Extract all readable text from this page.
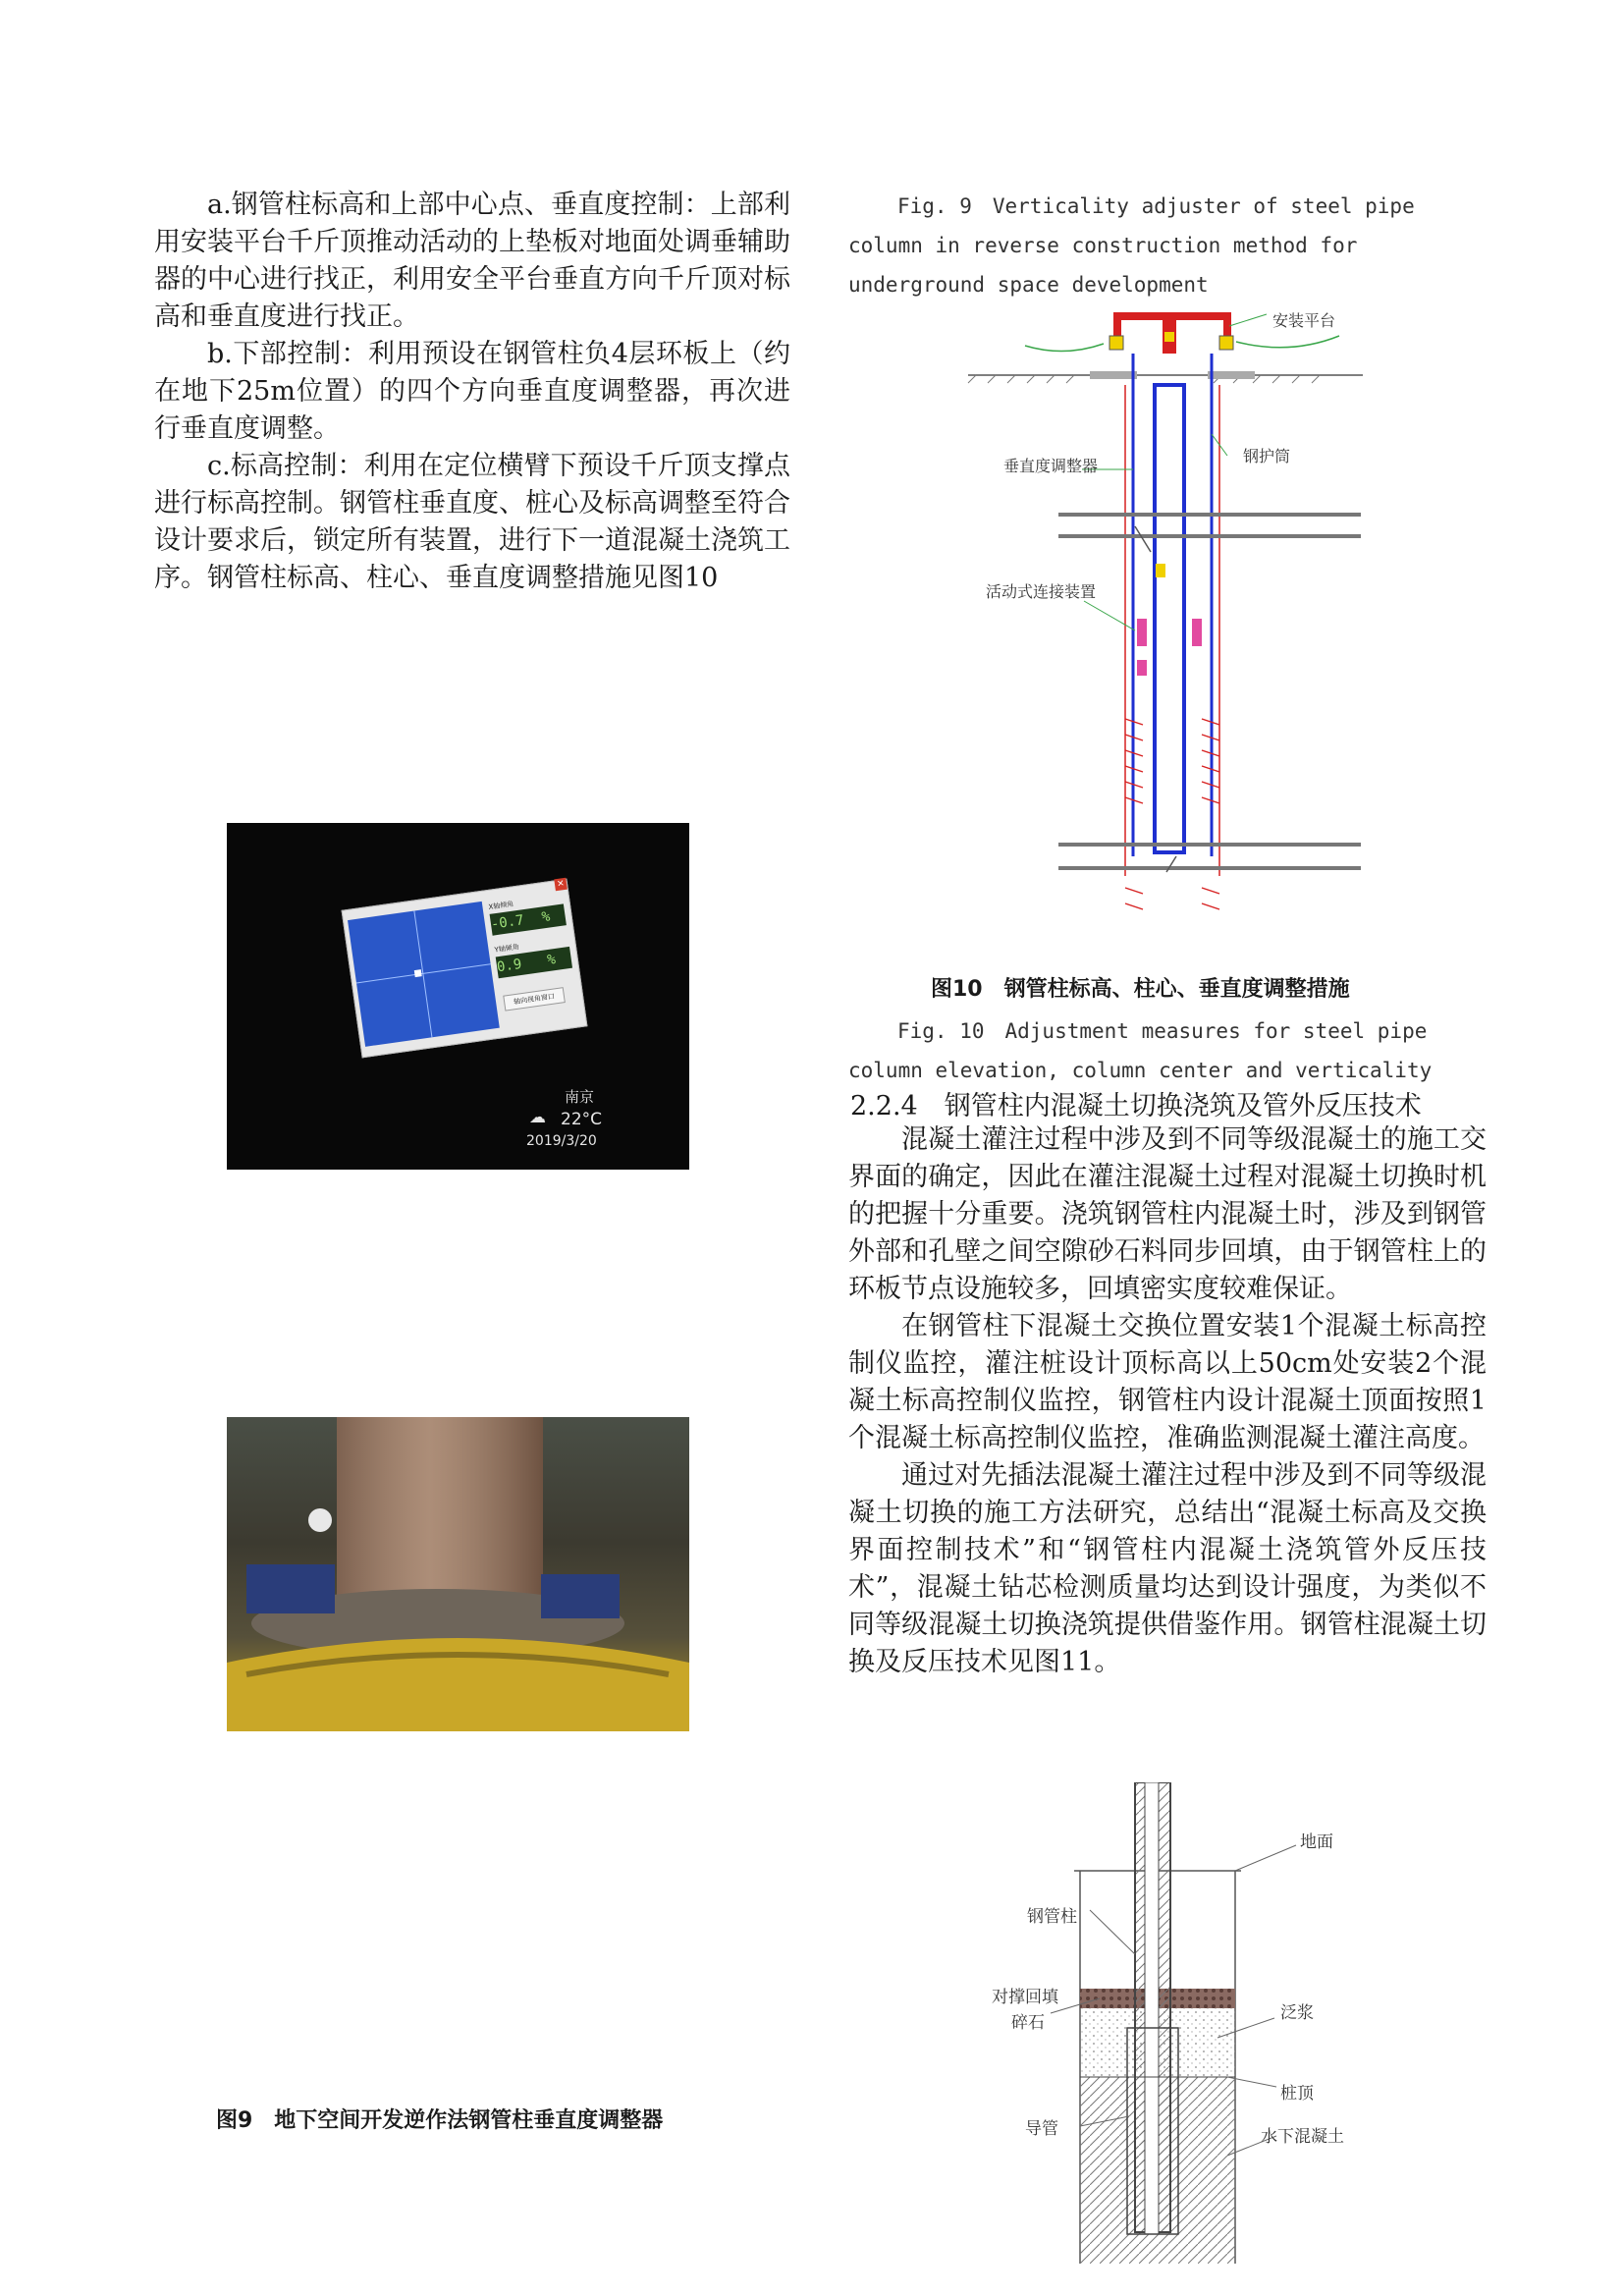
a.钢管柱标高和上部中心点、垂直度控制：上部利用安装平台千斤顶推动活动的上垫板对地面处调垂辅助器的中心进行找正，利用安全平台垂直方向千斤顶对标高和垂直度进行找正。

b.下部控制：利用预设在钢管柱负4层环板上（约在地下25m位置）的四个方向垂直度调整器，再次进行垂直度调整。

c.标高控制：利用在定位横臂下预设千斤顶支撑点进行标高控制。钢管柱垂直度、桩心及标高调整至符合设计要求后，锁定所有装置，进行下一道混凝土浇筑工序。钢管柱标高、柱心、垂直度调整措施见图10

X轴倾角
-0.7 %
Y轴倾角
0.9 %
轴向视角窗口
✕
南京
☁ 22°C
2019/3/20
图9　地下空间开发逆作法钢管柱垂直度调整器
Fig. 9　Verticality adjuster of steel pipe column in reverse construction method for underground space development
安装平台
钢护筒
垂直度调整器
活动式连接装置
图10　钢管柱标高、柱心、垂直度调整措施
Fig. 10　Adjustment measures for steel pipe column elevation, column center and verticality
2.2.4　钢管柱内混凝土切换浇筑及管外反压技术

混凝土灌注过程中涉及到不同等级混凝土的施工交界面的确定，因此在灌注混凝土过程对混凝土切换时机的把握十分重要。浇筑钢管柱内混凝土时，涉及到钢管外部和孔壁之间空隙砂石料同步回填，由于钢管柱上的环板节点设施较多，回填密实度较难保证。

在钢管柱下混凝土交换位置安装1个混凝土标高控制仪监控，灌注桩设计顶标高以上50cm处安装2个混凝土标高控制仪监控，钢管柱内设计混凝土顶面按照1个混凝土标高控制仪监控，准确监测混凝土灌注高度。

通过对先插法混凝土灌注过程中涉及到不同等级混凝土切换的施工方法研究，总结出“混凝土标高及交换界面控制技术”和“钢管柱内混凝土浇筑管外反压技术”，混凝土钻芯检测质量均达到设计强度，为类似不同等级混凝土切换浇筑提供借鉴作用。钢管柱混凝土切换及反压技术见图11。

地面
钢管柱
对撑回填
碎石	泛浆
桩顶
导管	水下混凝土
